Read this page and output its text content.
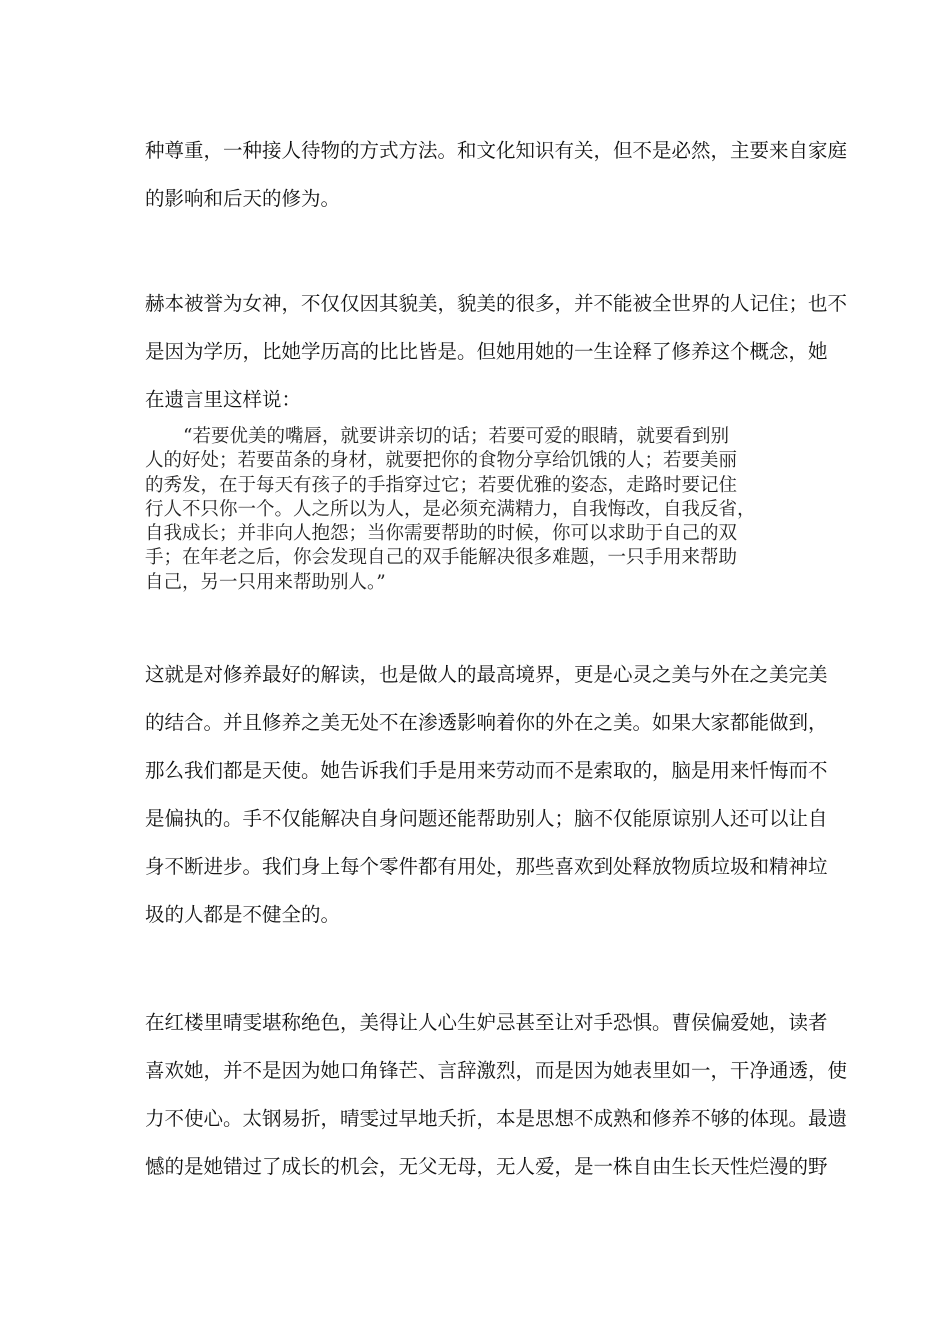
种尊重，一种接人待物的方式方法。和文化知识有关，但不是必然，主要来自家庭
的影响和后天的修为。
赫本被誉为女神，不仅仅因其貌美，貌美的很多，并不能被全世界的人记住；也不
是因为学历，比她学历高的比比皆是。但她用她的一生诠释了修养这个概念，她
在遗言里这样说：
“若要优美的嘴唇，就要讲亲切的话；若要可爱的眼睛，就要看到别
人的好处；若要苗条的身材，就要把你的食物分享给饥饿的人；若要美丽
的秀发，在于每天有孩子的手指穿过它；若要优雅的姿态，走路时要记住
行人不只你一个。人之所以为人，是必须充满精力，自我悔改，自我反省，
自我成长；并非向人抱怨；当你需要帮助的时候，你可以求助于自己的双
手；在年老之后，你会发现自己的双手能解决很多难题，一只手用来帮助
自己，另一只用来帮助别人。”
这就是对修养最好的解读，也是做人的最高境界，更是心灵之美与外在之美完美
的结合。并且修养之美无处不在渗透影响着你的外在之美。如果大家都能做到，
那么我们都是天使。她告诉我们手是用来劳动而不是索取的，脑是用来忏悔而不
是偏执的。手不仅能解决自身问题还能帮助别人；脑不仅能原谅别人还可以让自
身不断进步。我们身上每个零件都有用处，那些喜欢到处释放物质垃圾和精神垃
圾的人都是不健全的。
在红楼里晴雯堪称绝色，美得让人心生妒忌甚至让对手恐惧。曹侯偏爱她，读者
喜欢她，并不是因为她口角锋芒、言辞激烈，而是因为她表里如一，干净通透，使
力不使心。太钢易折，晴雯过早地夭折，本是思想不成熟和修养不够的体现。最遗
憾的是她错过了成长的机会，无父无母，无人爱，是一株自由生长天性烂漫的野
